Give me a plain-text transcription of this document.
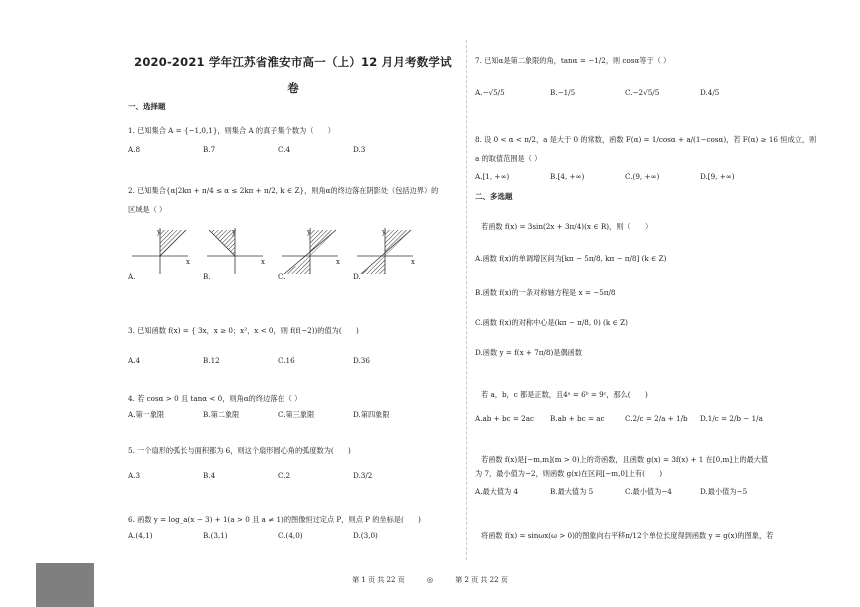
2020-2021 学年江苏省淮安市高一（上）12 月月考数学试
卷
一、选择题
1. 已知集合 A = {−1,0,1}，则集合 A 的真子集个数为（　　）
A.8	B.7	C.4	D.3
2. 已知集合{α|2kπ + π/4 ≤ α ≤ 2kπ + π/2, k ∈ Z}，则角α的终边落在阴影处（包括边界）的
区域是（ ）
A.	B.	C.	D.
3. 已知函数 f(x) = { 3x，x ≥ 0；x²，x < 0，则 f(f(−2))的值为(　　)
A.4	B.12	C.16	D.36
4. 若 cosα > 0 且 tanα < 0，则角α的终边落在（ ）
A.第一象限	B.第二象限	C.第三象限	D.第四象限
5. 一个扇形的弧长与面积都为 6，则这个扇形圆心角的弧度数为(　　)
A.3	B.4	C.2	D.3/2
6. 函数 y = log_a(x − 3) + 1(a > 0 且 a ≠ 1)的图像恒过定点 P，则点 P 的坐标是(　　)
A.(4,1)	B.(3,1)	C.(4,0)	D.(3,0)
y
x
y
x
y
x
y
x
7. 已知α是第二象限的角，tanα = −1/2，则 cosα等于（ ）
A.−√5/5	B.−1/5	C.−2√5/5	D.4/5
8. 设 0 < α < π/2，a 是大于 0 的常数，函数 F(α) = 1/cosα + a/(1−cosα)，若 F(α) ≥ 16 恒成立，则
a 的取值范围是（ ）
A.[1, +∞)	B.[4, +∞)	C.(9, +∞)	D.[9, +∞)
若函数 f(x) = 3sin(2x + 3π/4)(x ∈ R)，则（　　）
A.函数 f(x)的单调增区间为[kπ − 5π/8, kπ − π/8] (k ∈ Z)
B.函数 f(x)的一条对称轴方程是 x = −5π/8
C.函数 f(x)的对称中心是(kπ − π/8, 0) (k ∈ Z)
D.函数 y = f(x + 7π/8)是偶函数
若 a，b，c 都是正数，且4ᵃ = 6ᵇ = 9ᶜ，那么(　　)
A.ab + bc = 2ac	B.ab + bc = ac	C.2/c = 2/a + 1/b	D.1/c = 2/b − 1/a
若函数 f(x)是[−m,m](m > 0)上的奇函数，且函数 g(x) = 3f(x) + 1 在[0,m]上的最大值
为 7，最小值为−2，则函数 g(x)在区间[−m,0]上有(　　)
A.最大值为 4	B.最大值为 5	C.最小值为−4	D.最小值为−5
将函数 f(x) = sinωx(ω > 0)的图象向右平移π/12个单位长度得到函数 y = g(x)的图象，若
二、多选题
第 1 页 共 22 页	◎	第 2 页 共 22 页
